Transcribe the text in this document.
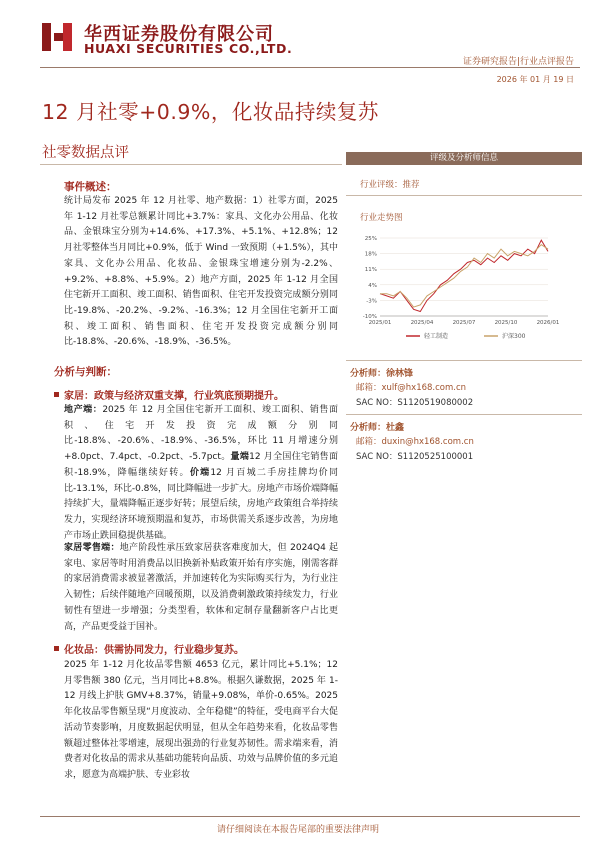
华西证券股份有限公司
HUAXI SECURITIES CO.,LTD.
证券研究报告|行业点评报告
2026 年 01 月 19 日
12 月社零+0.9%，化妆品持续复苏
社零数据点评
事件概述：

统计局发布 2025 年 12 月社零、地产数据：1）社零方面，2025 年 1-12 月社零总额累计同比+3.7%：家具、文化办公用品、化妆品、金银珠宝分别为+14.6%、+17.3%、+5.1%、+12.8%；12 月社零整体当月同比+0.9%，低于 Wind 一致预期（+1.5%），其中家具、文化办公用品、化妆品、金银珠宝增速分别为-2.2%、+9.2%、+8.8%、+5.9%。2）地产方面，2025 年 1-12 月全国住宅新开工面积、竣工面积、销售面积、住宅开发投资完成额分别同比-19.8%、-20.2%、-9.2%、-16.3%；12 月全国住宅新开工面积、竣工面积、销售面积、住宅开发投资完成额分别同比-18.8%、-20.6%、-18.9%、-36.5%。

分析与判断：
家居：政策与经济双重支撑，行业筑底预期提升。

地产端：2025 年 12 月全国住宅新开工面积、竣工面积、销售面积、住宅开发投资完成额分别同比-18.8%、-20.6%、-18.9%、-36.5%，环比 11 月增速分别+8.0pct、7.4pct、-0.2pct、-5.7pct。量端12 月全国住宅销售面积-18.9%，降幅继续好转。价端12 月百城二手房挂牌均价同比-13.1%，环比-0.8%，同比降幅进一步扩大。房地产市场价端降幅持续扩大，量端降幅正逐步好转；展望后续，房地产政策组合举持续发力，实现经济环境预期温和复苏，市场供需关系逐步改善，为房地产市场止跌回稳提供基础。

家居零售端：地产阶段性承压致家居获客难度加大，但 2024Q4 起家电、家居等时用消费品以旧换新补贴政策开始有序实施，刚需客群的家居消费需求被显著激活，并加速转化为实际购买行为，为行业注入韧性；后续伴随地产回暖预期，以及消费刺激政策持续发力，行业韧性有望进一步增强；分类型看，软体和定制存量翻新客户占比更高，产品更受益于国补。

化妆品：供需协同发力，行业稳步复苏。

2025 年 1-12 月化妆品零售额 4653 亿元，累计同比+5.1%；12 月零售额 380 亿元，当月同比+8.8%。根据久谦数据，2025 年 1-12 月线上护肤 GMV+8.37%，销量+9.08%，单价-0.65%。2025 年化妆品零售额呈现“月度波动、全年稳健”的特征，受电商平台大促活动节奏影响，月度数据起伏明显，但从全年趋势来看，化妆品零售额超过整体社零增速，展现出强劲的行业复苏韧性。需求端来看，消费者对化妆品的需求从基础功能转向品质、功效与品牌价值的多元追求，愿意为高端护肤、专业彩妆

评级及分析师信息
行业评级：推荐
行业走势图
25%
18%
11%
4%
-3%
-10%
2025/01	2025/04	2025/07	2025/10	2026/01
轻工制造	沪深300
分析师：徐林锋
邮箱：xulf@hx168.com.cn
SAC NO：S1120519080002
分析师：杜鑫
邮箱：duxin@hx168.com.cn
SAC NO：S1120525100001
请仔细阅读在本报告尾部的重要法律声明
